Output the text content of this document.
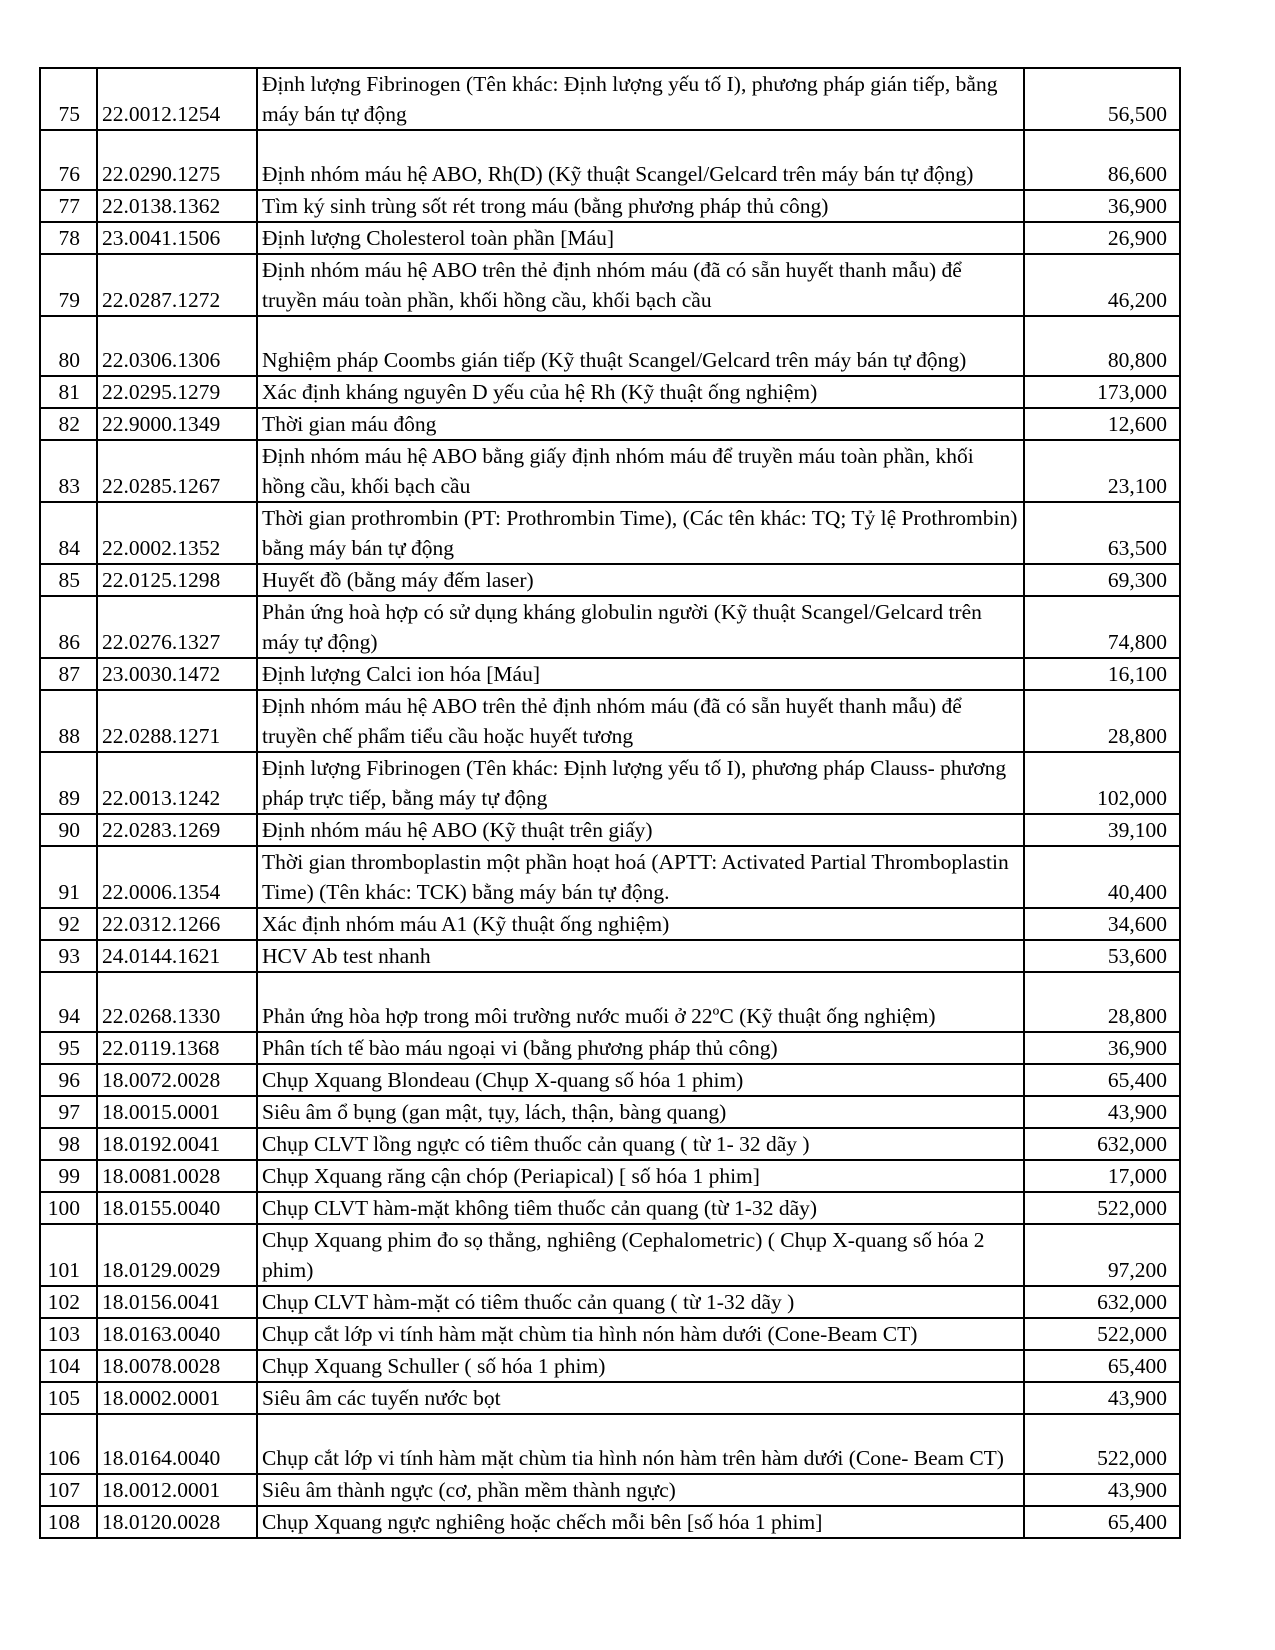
75	22.0012.1254	Định lượng Fibrinogen (Tên khác: Định lượng yếu tố I), phương pháp gián tiếp, bằng máy bán tự động	56,500
76	22.0290.1275	Định nhóm máu hệ ABO, Rh(D) (Kỹ thuật Scangel/Gelcard trên máy bán tự động)	86,600
77	22.0138.1362	Tìm ký sinh trùng sốt rét trong máu (bằng phương pháp thủ công)	36,900
78	23.0041.1506	Định lượng Cholesterol toàn phần [Máu]	26,900
79	22.0287.1272	Định nhóm máu hệ ABO trên thẻ định nhóm máu (đã có sẵn huyết thanh mẫu) để truyền máu toàn phần, khối hồng cầu, khối bạch cầu	46,200
80	22.0306.1306	Nghiệm pháp Coombs gián tiếp (Kỹ thuật Scangel/Gelcard trên máy bán tự động)	80,800
81	22.0295.1279	Xác định kháng nguyên D yếu của hệ Rh (Kỹ thuật ống nghiệm)	173,000
82	22.9000.1349	Thời gian máu đông	12,600
83	22.0285.1267	Định nhóm máu hệ ABO bằng giấy định nhóm máu để truyền máu toàn phần, khối hồng cầu, khối bạch cầu	23,100
84	22.0002.1352	Thời gian prothrombin (PT: Prothrombin Time), (Các tên khác: TQ; Tỷ lệ Prothrombin) bằng máy bán tự động	63,500
85	22.0125.1298	Huyết đồ (bằng máy đếm laser)	69,300
86	22.0276.1327	Phản ứng hoà hợp có sử dụng kháng globulin người (Kỹ thuật Scangel/Gelcard trên máy tự động)	74,800
87	23.0030.1472	Định lượng Calci ion hóa [Máu]	16,100
88	22.0288.1271	Định nhóm máu hệ ABO trên thẻ định nhóm máu (đã có sẵn huyết thanh mẫu) để truyền chế phẩm tiểu cầu hoặc huyết tương	28,800
89	22.0013.1242	Định lượng Fibrinogen (Tên khác: Định lượng yếu tố I), phương pháp Clauss- phương pháp trực tiếp, bằng máy tự động	102,000
90	22.0283.1269	Định nhóm máu hệ ABO (Kỹ thuật trên giấy)	39,100
91	22.0006.1354	Thời gian thromboplastin một phần hoạt hoá (APTT: Activated Partial Thromboplastin Time) (Tên khác: TCK) bằng máy bán tự động.	40,400
92	22.0312.1266	Xác định nhóm máu A1 (Kỹ thuật ống nghiệm)	34,600
93	24.0144.1621	HCV Ab test nhanh	53,600
94	22.0268.1330	Phản ứng hòa hợp trong môi trường nước muối ở 22ºC (Kỹ thuật ống nghiệm)	28,800
95	22.0119.1368	Phân tích tế bào máu ngoại vi (bằng phương pháp thủ công)	36,900
96	18.0072.0028	Chụp Xquang Blondeau (Chụp X-quang số hóa 1 phim)	65,400
97	18.0015.0001	Siêu âm ổ bụng (gan mật, tụy, lách, thận, bàng quang)	43,900
98	18.0192.0041	Chụp CLVT lồng ngực có tiêm thuốc cản quang ( từ 1- 32 dãy )	632,000
99	18.0081.0028	Chụp Xquang răng cận chóp (Periapical) [ số hóa 1 phim]	17,000
100	18.0155.0040	Chụp CLVT hàm-mặt không tiêm thuốc cản quang (từ 1-32 dãy)	522,000
101	18.0129.0029	Chụp Xquang phim đo sọ thẳng, nghiêng (Cephalometric) ( Chụp X-quang số hóa 2 phim)	97,200
102	18.0156.0041	Chụp CLVT hàm-mặt có tiêm thuốc cản quang ( từ 1-32 dãy )	632,000
103	18.0163.0040	Chụp cắt lớp vi tính hàm mặt chùm tia hình nón hàm dưới (Cone-Beam CT)	522,000
104	18.0078.0028	Chụp Xquang Schuller ( số hóa 1 phim)	65,400
105	18.0002.0001	Siêu âm các tuyến nước bọt	43,900
106	18.0164.0040	Chụp cắt lớp vi tính hàm mặt chùm tia hình nón hàm trên hàm dưới (Cone- Beam CT)	522,000
107	18.0012.0001	Siêu âm thành ngực (cơ, phần mềm thành ngực)	43,900
108	18.0120.0028	Chụp Xquang ngực nghiêng hoặc chếch mỗi bên [số hóa 1 phim]	65,400
